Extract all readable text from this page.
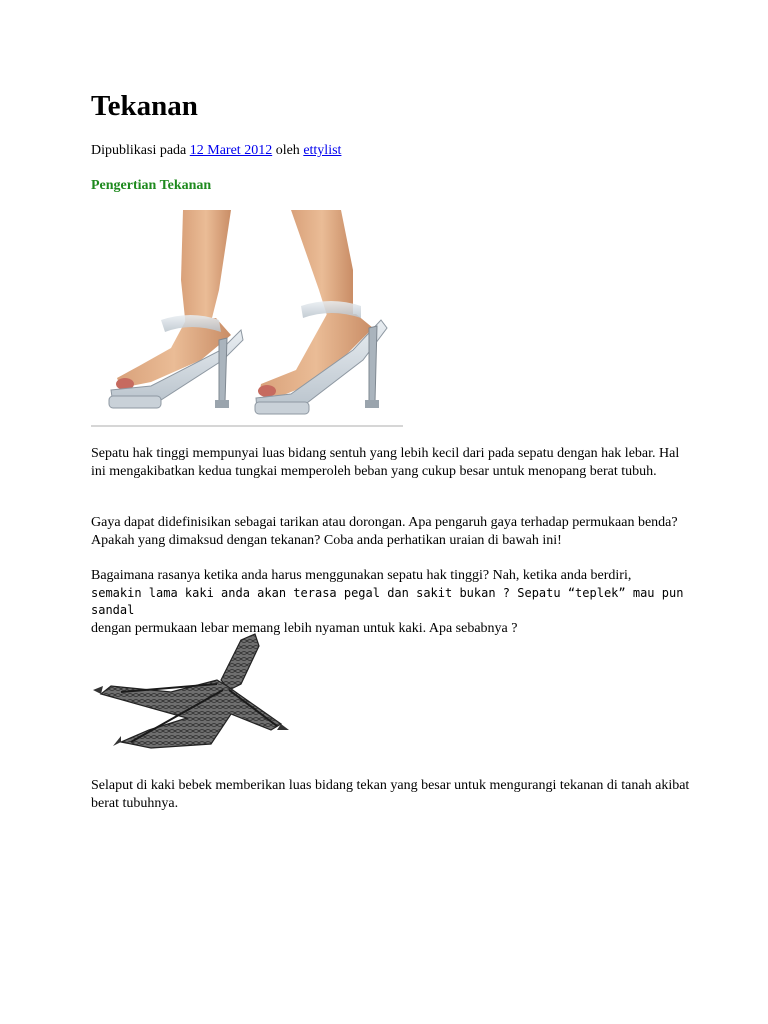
Tekanan
Dipublikasi pada 12 Maret 2012 oleh ettylist
Pengertian Tekanan

Sepatu hak tinggi mempunyai luas bidang sentuh yang lebih kecil dari pada sepatu dengan hak lebar. Hal ini mengakibatkan kedua tungkai memperoleh beban yang cukup besar untuk menopang berat tubuh.

Gaya dapat didefinisikan sebagai tarikan atau dorongan. Apa pengaruh gaya terhadap permukaan benda? Apakah yang dimaksud dengan tekanan? Coba anda perhatikan uraian di bawah ini!

Bagaimana rasanya ketika anda harus menggunakan sepatu hak tinggi? Nah, ketika anda berdiri,
semakin lama kaki anda akan terasa pegal dan sakit bukan ? Sepatu “teplek” mau pun sandal
dengan permukaan lebar memang lebih nyaman untuk kaki. Apa sebabnya ?

Selaput di kaki bebek memberikan luas bidang tekan yang besar untuk mengurangi tekanan di tanah akibat berat tubuhnya.
